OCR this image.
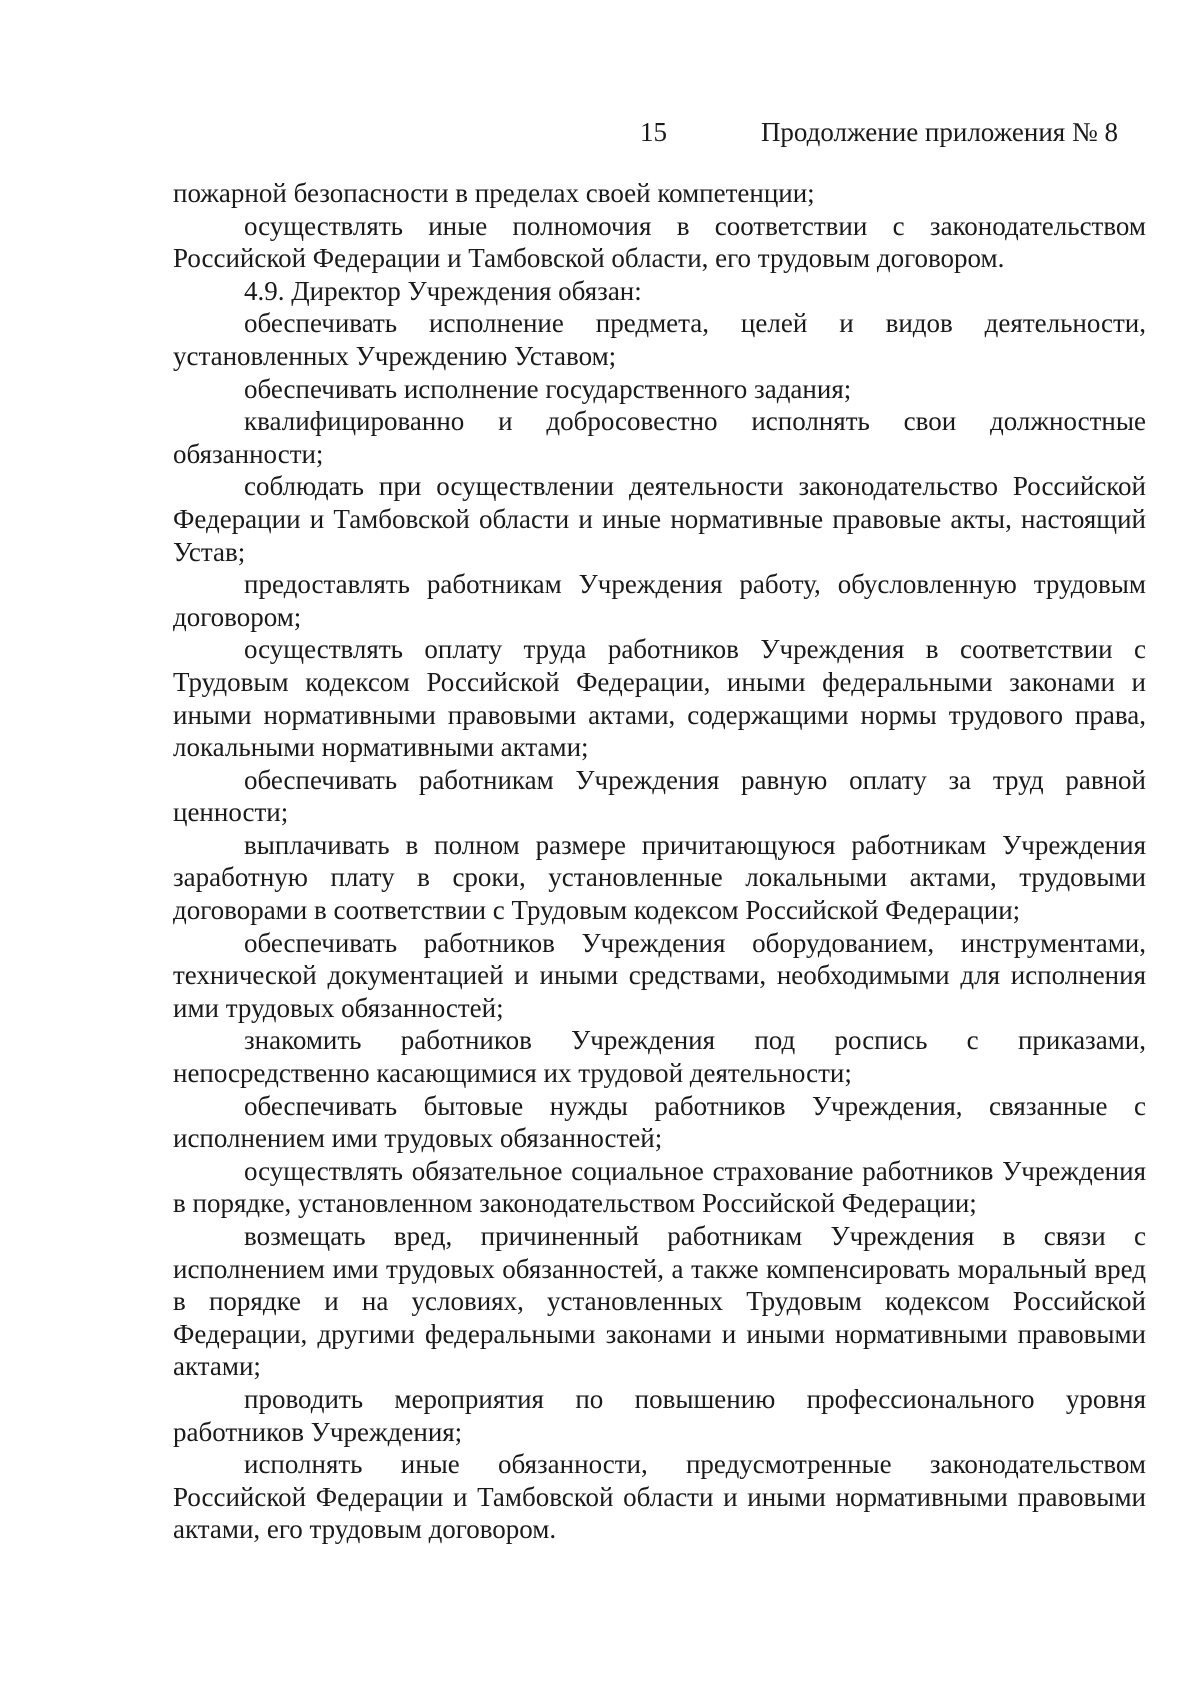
15	Продолжение приложения № 8

пожарной безопасности в пределах своей компетенции;

осуществлять иные полномочия в соответствии с законодательством Российской Федерации и Тамбовской области, его трудовым договором.

4.9. Директор Учреждения обязан:

обеспечивать исполнение предмета, целей и видов деятельности, установленных Учреждению Уставом;

обеспечивать исполнение государственного задания;

квалифицированно и добросовестно исполнять свои должностные обязанности;

соблюдать при осуществлении деятельности законодательство Российской Федерации и Тамбовской области и иные нормативные правовые акты, настоящий Устав;

предоставлять работникам Учреждения работу, обусловленную трудовым договором;

осуществлять оплату труда работников Учреждения в соответствии с Трудовым кодексом Российской Федерации, иными федеральными законами и иными нормативными правовыми актами, содержащими нормы трудового права, локальными нормативными актами;

обеспечивать работникам Учреждения равную оплату за труд равной ценности;

выплачивать в полном размере причитающуюся работникам Учреждения заработную плату в сроки, установленные локальными актами, трудовыми договорами в соответствии с Трудовым кодексом Российской Федерации;

обеспечивать работников Учреждения оборудованием, инструментами, технической документацией и иными средствами, необходимыми для исполнения ими трудовых обязанностей;

знакомить работников Учреждения под роспись с приказами, непосредственно касающимися их трудовой деятельности;

обеспечивать бытовые нужды работников Учреждения, связанные с исполнением ими трудовых обязанностей;

осуществлять обязательное социальное страхование работников Учреждения в порядке, установленном законодательством Российской Федерации;

возмещать вред, причиненный работникам Учреждения в связи с исполнением ими трудовых обязанностей, а также компенсировать моральный вред в порядке и на условиях, установленных Трудовым кодексом Российской Федерации, другими федеральными законами и иными нормативными правовыми актами;

проводить мероприятия по повышению профессионального уровня работников Учреждения;

исполнять иные обязанности, предусмотренные законодательством Российской Федерации и Тамбовской области и иными нормативными правовыми актами, его трудовым договором.
